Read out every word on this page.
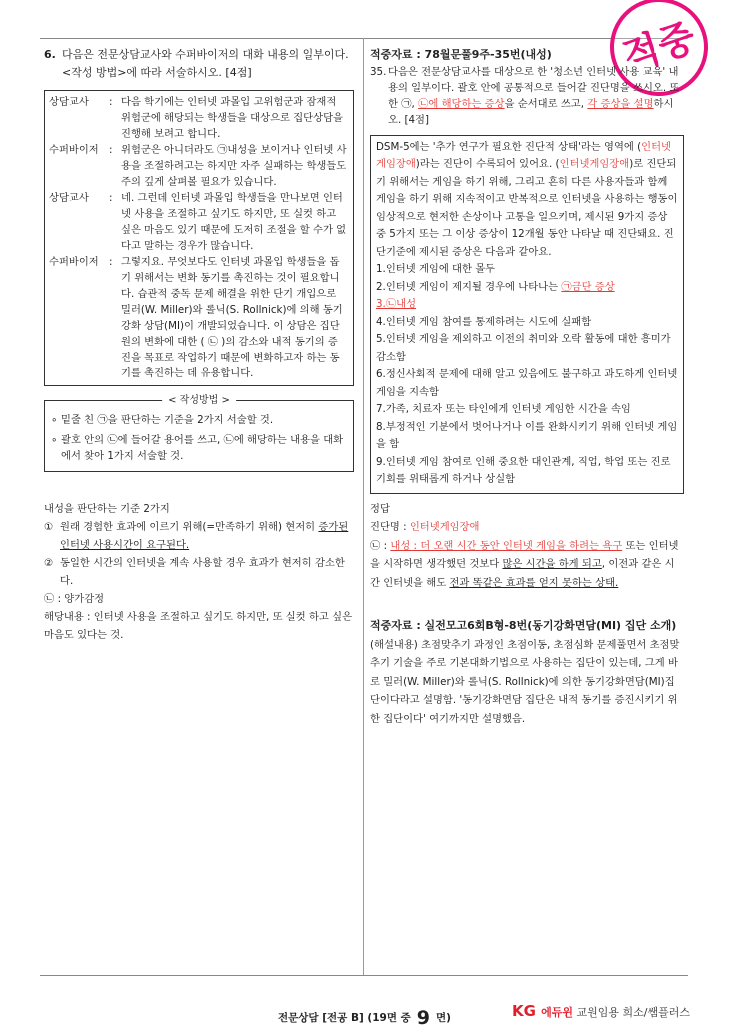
적중
6. 다음은 전문상담교사와 수퍼바이저의 대화 내용의 일부이다. <작성 방법>에 따라 서술하시오. [4점]
상담교사	: 다음 학기에는 인터넷 과몰입 고위험군과 잠재적 위험군에 해당되는 학생들을 대상으로 집단상담을 진행해 보려고 합니다.
수퍼바이저 : 위험군은 아니더라도 ㉠내성을 보이거나 인터넷 사용을 조절하려고는 하지만 자주 실패하는 학생들도 주의 깊게 살펴볼 필요가 있습니다.
상담교사	: 네. 그런데 인터넷 과몰입 학생들을 만나보면 인터넷 사용을 조절하고 싶기도 하지만, 또 실컷 하고 싶은 마음도 있기 때문에 도저히 조절을 할 수가 없다고 말하는 경우가 많습니다.
수퍼바이저 : 그렇지요. 무엇보다도 인터넷 과몰입 학생들을 돕기 위해서는 변화 동기를 촉진하는 것이 필요합니다. 습관적 중독 문제 해결을 위한 단기 개입으로 밀러(W. Miller)와 롤닉(S. Rollnick)에 의해 동기강화 상담(MI)이 개발되었습니다. 이 상담은 집단원의 변화에 대한 ( ㉡ )의 감소와 내적 동기의 증진을 목표로 작업하기 때문에 변화하고자 하는 동기를 촉진하는 데 유용합니다.
< 작성방법 >
∘ 밑줄 친 ㉠을 판단하는 기준을 2가지 서술할 것.
∘ 괄호 안의 ㉡에 들어갈 용어를 쓰고, ㉡에 해당하는 내용을 대화에서 찾아 1가지 서술할 것.
내성을 판단하는 기준 2가지
① 원래 경험한 효과에 이르기 위해(=만족하기 위해) 현저히 증가된 인터넷 사용시간이 요구된다.
② 동일한 시간의 인터넷을 계속 사용할 경우 효과가 현저히 감소한다.
㉡ : 양가감정
해당내용 : 인터넷 사용을 조절하고 싶기도 하지만, 또 실컷 하고 싶은 마음도 있다는 것.
적중자료 : 78월문풀9주-35번(내성)
35. 다음은 전문상담교사를 대상으로 한 '청소년 인터넷 사용 교육' 내용의 일부이다. 괄호 안에 공통적으로 들어갈 진단명을 쓰시오. 또한 ㉠, ㉡에 해당하는 증상을 순서대로 쓰고, 각 증상을 설명하시오. [4점]
DSM-5에는 '추가 연구가 필요한 진단적 상태'라는 영역에 (인터넷게임장애)라는 진단이 수록되어 있어요. (인터넷게임장애)로 진단되기 위해서는 게임을 하기 위해, 그리고 흔히 다른 사용자들과 함께 게임을 하기 위해 지속적이고 반복적으로 인터넷을 사용하는 행동이 임상적으로 현저한 손상이나 고통을 일으키며, 제시된 9가지 증상 중 5가지 또는 그 이상 증상이 12개월 동안 나타날 때 진단돼요. 진단기준에 제시된 증상은 다음과 같아요.
1.인터넷 게임에 대한 몰두
2.인터넷 게임이 제지될 경우에 나타나는 ㉠금단 증상
3.㉡내성
4.인터넷 게임 참여를 통제하려는 시도에 실패함
5.인터넷 게임을 제외하고 이전의 취미와 오락 활동에 대한 흥미가 감소함
6.정신사회적 문제에 대해 알고 있음에도 불구하고 과도하게 인터넷 게임을 지속함
7.가족, 치료자 또는 타인에게 인터넷 게임한 시간을 속임
8.부정적인 기분에서 벗어나거나 이를 완화시키기 위해 인터넷 게임을 함
9.인터넷 게임 참여로 인해 중요한 대인관계, 직업, 학업 또는 진로 기회를 위태롭게 하거나 상실함
정답
진단명 : 인터넷게임장애
㉡ : 내성 : 더 오랜 시간 동안 인터넷 게임을 하려는 욕구 또는 인터넷을 시작하면 생각했던 것보다 많은 시간을 하게 되고, 이전과 같은 시간 인터넷을 해도 전과 똑같은 효과를 얻지 못하는 상태.
적중자료 : 실전모고6회B형-8번(동기강화면담(MI) 집단 소개)
(해설내용) 초점맞추기 과정인 초점이동, 초점심화 문제풀면서 초점맞추기 기술을 주로 기본대화기법으로 사용하는 집단이 있는데, 그게 바로 밀러(W. Miller)와 롤닉(S. Rollnick)에 의한 동기강화면담(MI)집단이다라고 설명함. '동기강화면담 집단은 내적 동기를 증진시키기 위한 집단이다' 여기까지만 설명했음.
전문상담 [전공 B] (19면 중 9 면)	KG 에듀윈 교원임용 희소/쌤플러스
